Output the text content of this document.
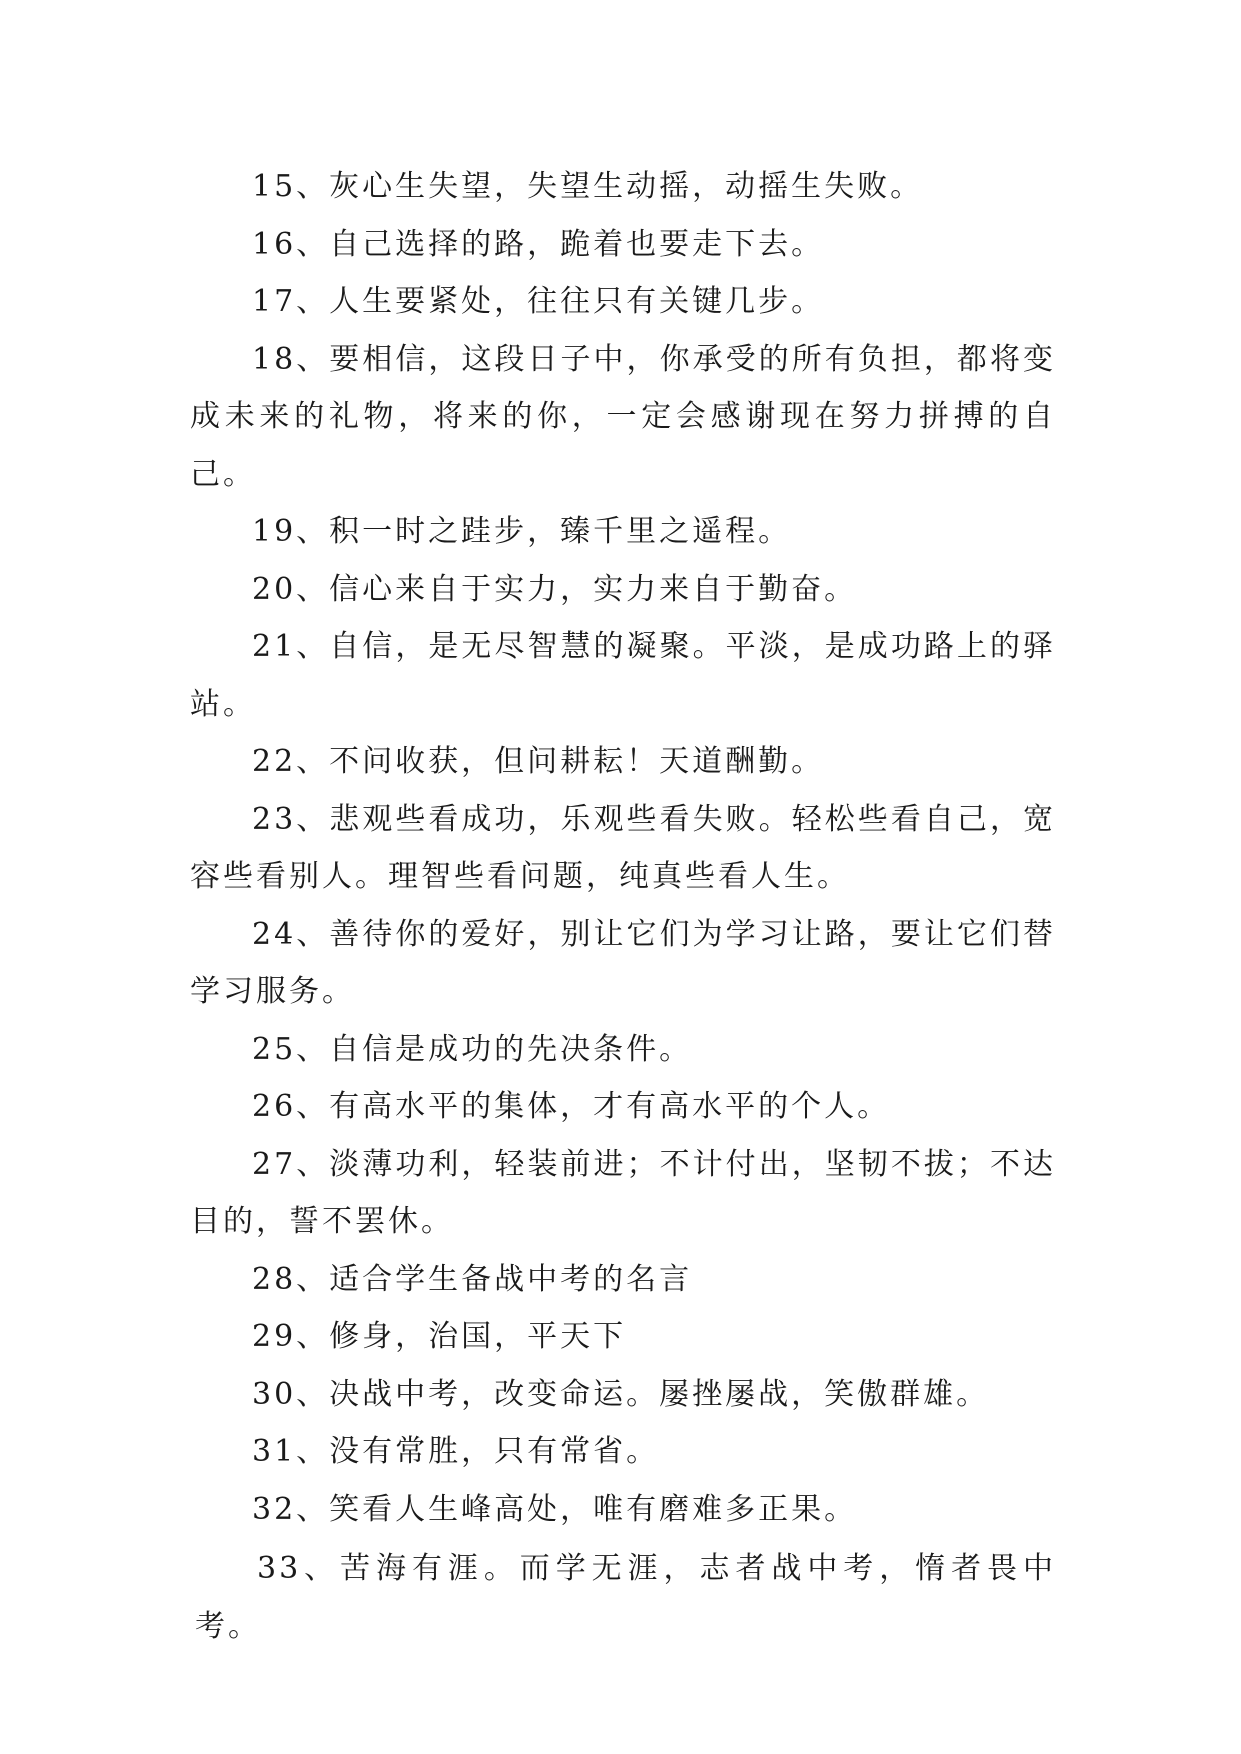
15、灰心生失望，失望生动摇，动摇生失败。

16、自己选择的路，跪着也要走下去。

17、人生要紧处，往往只有关键几步。

18、要相信，这段日子中，你承受的所有负担，都将变成未来的礼物，将来的你，一定会感谢现在努力拼搏的自己。

19、积一时之跬步，臻千里之遥程。

20、信心来自于实力，实力来自于勤奋。

21、自信，是无尽智慧的凝聚。平淡，是成功路上的驿站。

22、不问收获，但问耕耘！天道酬勤。

23、悲观些看成功，乐观些看失败。轻松些看自己，宽容些看别人。理智些看问题，纯真些看人生。

24、善待你的爱好，别让它们为学习让路，要让它们替学习服务。

25、自信是成功的先决条件。

26、有高水平的集体，才有高水平的个人。

27、淡薄功利，轻装前进；不计付出，坚韧不拔；不达目的，誓不罢休。

28、适合学生备战中考的名言

29、修身，治国，平天下

30、决战中考，改变命运。屡挫屡战，笑傲群雄。

31、没有常胜，只有常省。

32、笑看人生峰高处，唯有磨难多正果。

33、苦海有涯。而学无涯，志者战中考，惰者畏中考。
